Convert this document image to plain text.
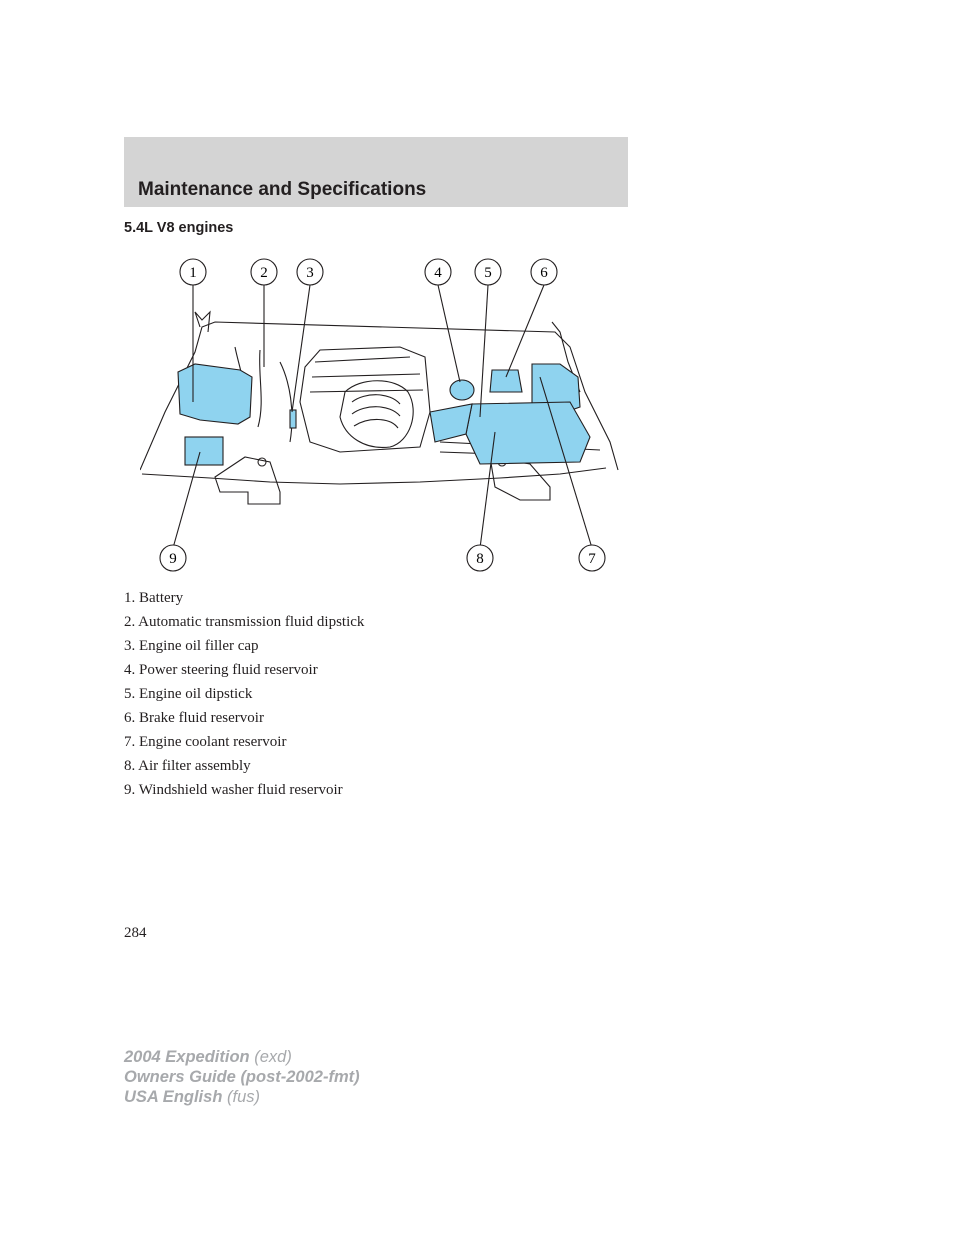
Maintenance and Specifications
5.4L V8 engines
1	2	3	4	5	6
7
8
9
1. Battery
2. Automatic transmission fluid dipstick
3. Engine oil filler cap
4. Power steering fluid reservoir
5. Engine oil dipstick
6. Brake fluid reservoir
7. Engine coolant reservoir
8. Air filter assembly
9. Windshield washer fluid reservoir
284
2004 Expedition (exd)
Owners Guide (post-2002-fmt)
USA English (fus)
